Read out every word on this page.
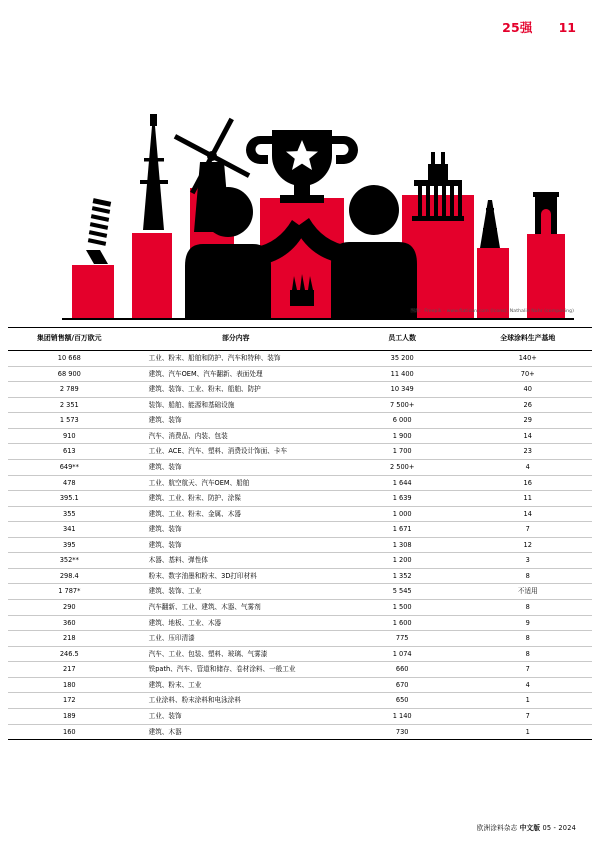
25强 11
图源：Freepik - www.flaticon.com (Icons), Nathalie Nahr (composing)
集团销售额/百万欧元	部分内容	员工人数	全球涂料生产基地
10 668	工业、粉末、船舶和防护、汽车和特种、装饰	35 200	140+
68 900	建筑、汽车OEM、汽车翻新、表面处理	11 400	70+
2 789	建筑、装饰、工业、粉末、船舶、防护	10 349	40
2 351	装饰、船舶、能源和基础设施	7 500+	26
1 573	建筑、装饰	6 000	29
910	汽车、消费品、内装、包装	1 900	14
613	工业、ACE、汽车、塑料、消费设计饰面、卡车	1 700	23
649**	建筑、装饰	2 500+	4
478	工业、航空航天、汽车OEM、船舶	1 644	16
395.1	建筑、工业、粉末、防护、涂髹	1 639	11
355	建筑、工业、粉末、金属、木器	1 000	14
341	建筑、装饰	1 671	7
395	建筑、装饰	1 308	12
352**	木器、基料、弹性体	1 200	3
298.4	粉末、数字油墨和粉末、3D打印材料	1 352	8
1 787*	建筑、装饰、工业	5 545	不适用
290	汽车翻新、工业、建筑、木器、气雾剂	1 500	8
360	建筑、地板、工业、木器	1 600	9
218	工业、压印清漆	775	8
246.5	汽车、工业、包装、塑料、玻璃、气雾漆	1 074	8
217	铁path、汽车、管道和储存、卷材涂料、一般工业	660	7
180	建筑、粉末、工业	670	4
172	工业涂料、粉末涂料和电泳涂料	650	1
189	工业、装饰	1 140	7
160	建筑、木器	730	1
欧洲涂料杂志 中文版 05 - 2024
